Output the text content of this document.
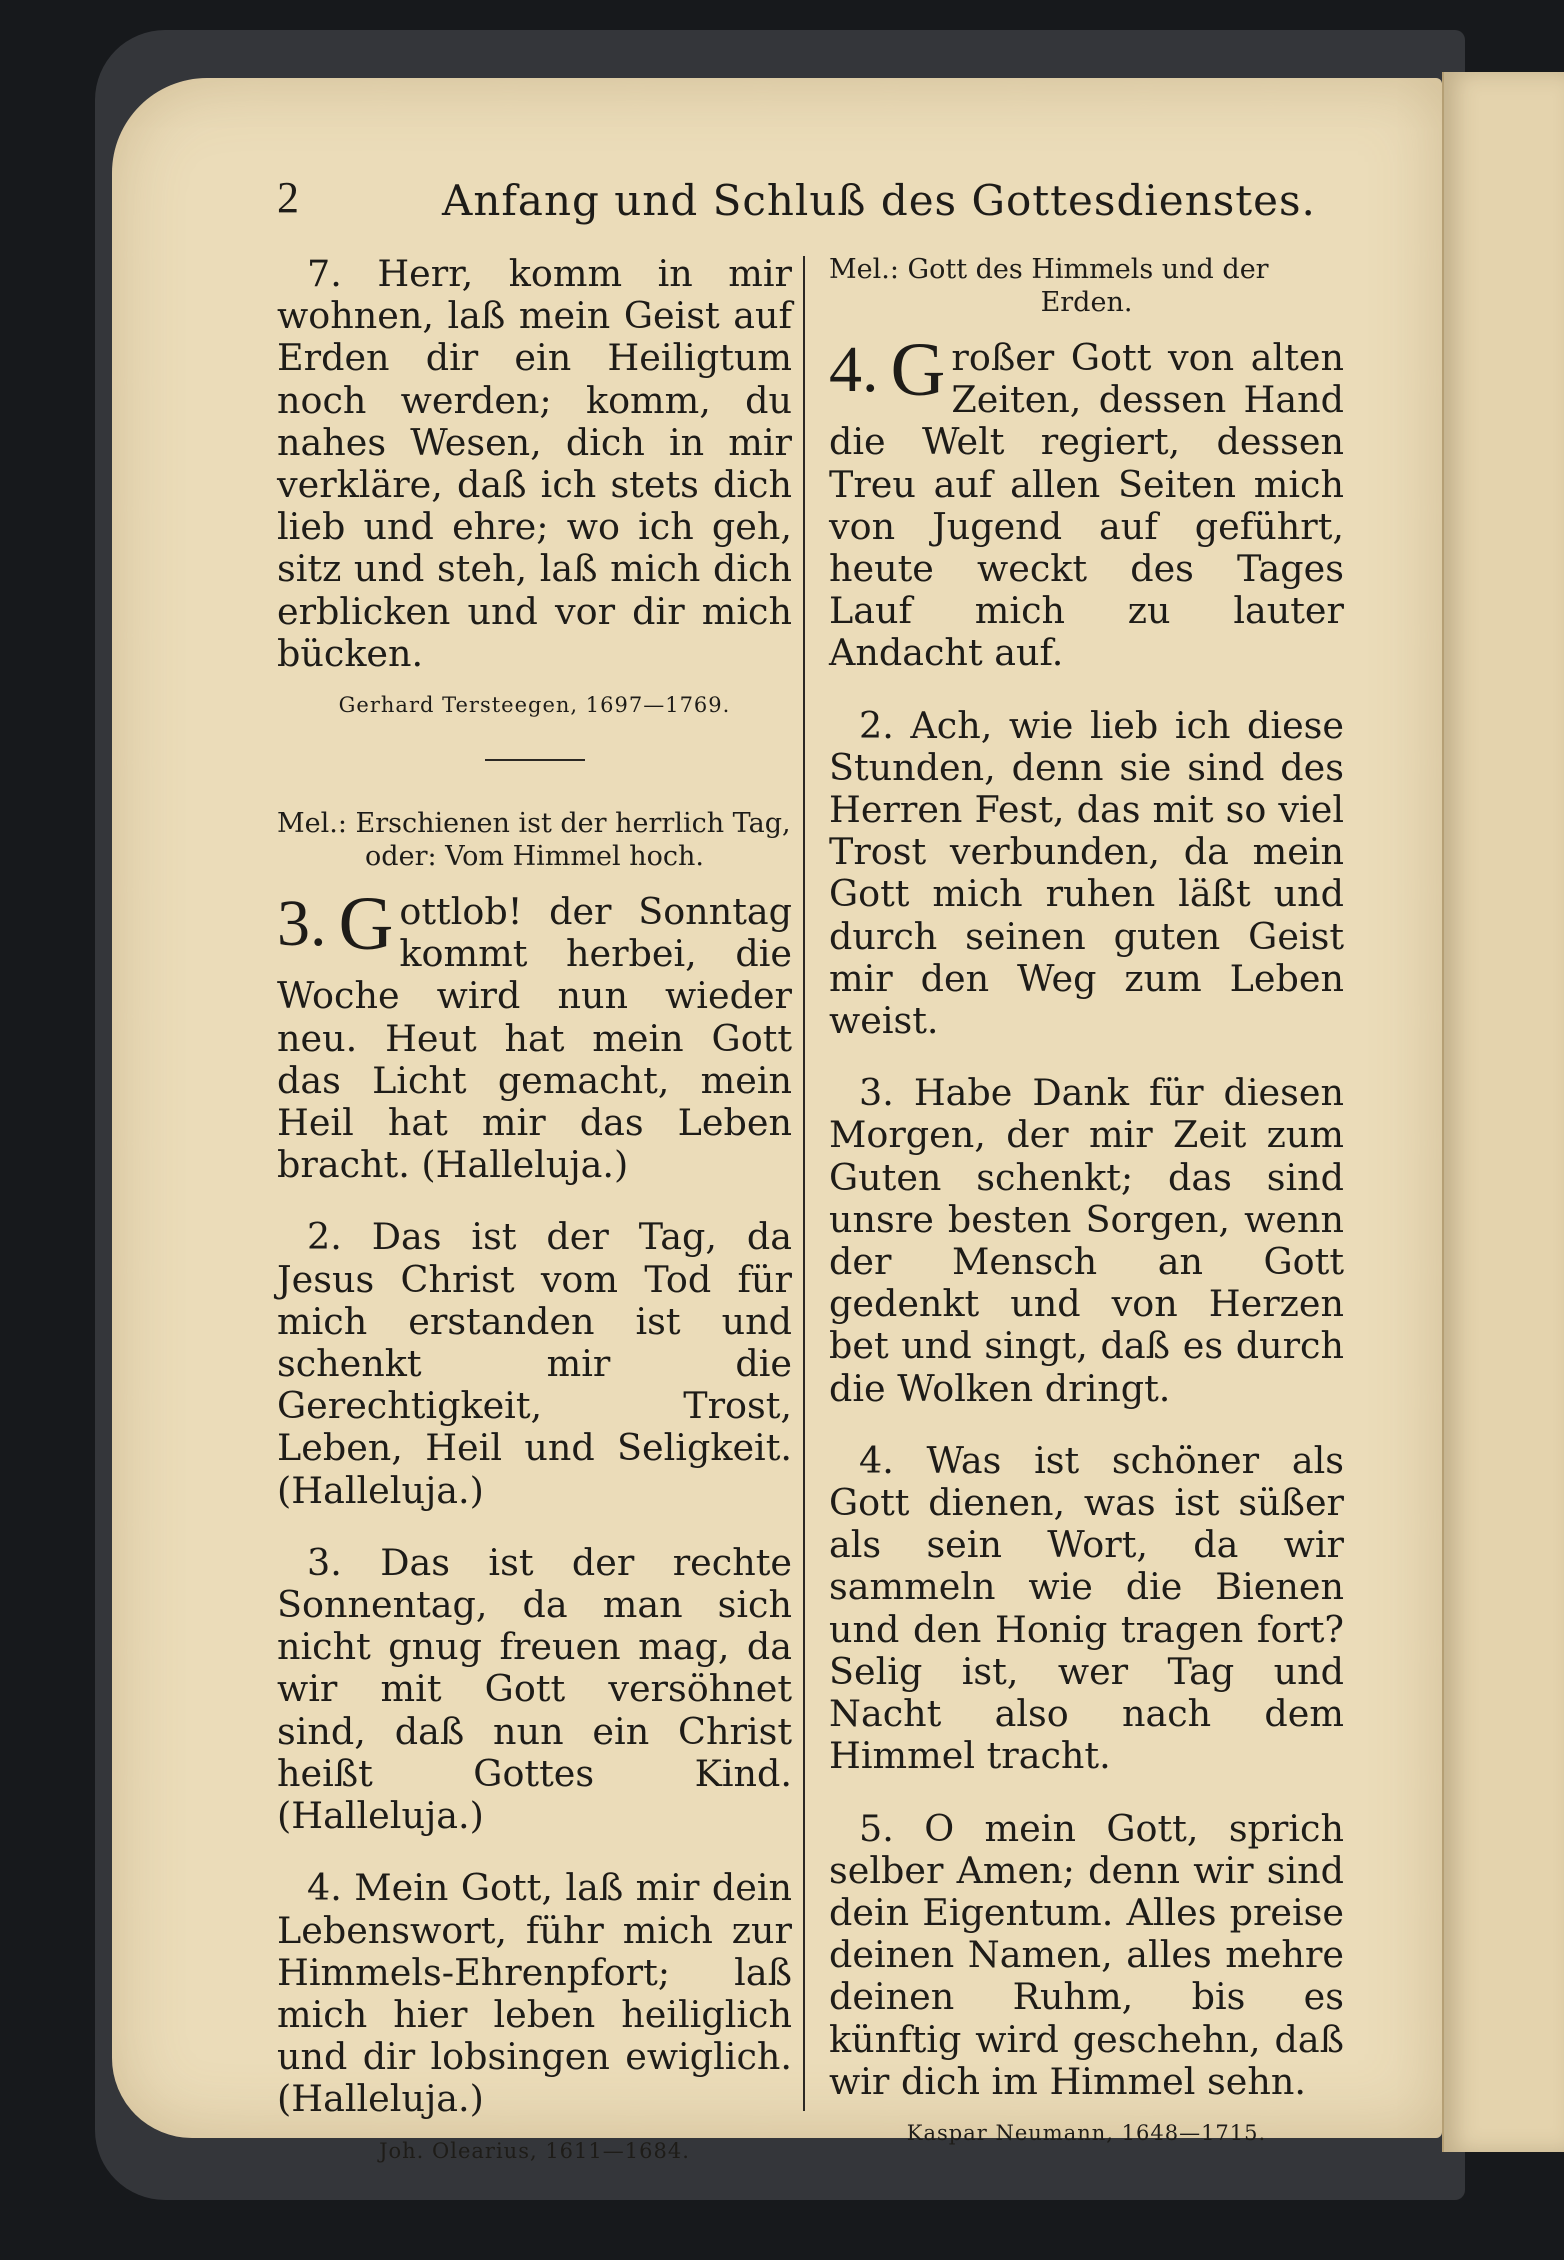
2	Anfang und Schluß des Gottesdienstes.

7. Herr, komm in mir wohnen, laß mein Geist auf Erden dir ein Heiligtum noch werden; komm, du nahes Wesen, dich in mir verkläre, daß ich stets dich lieb und ehre; wo ich geh, sitz und steh, laß mich dich erblicken und vor dir mich bücken.

Gerhard Tersteegen, 1697—1769.

Mel.: Erschienen ist der herrlich Tag,
oder: Vom Himmel hoch.

3. G ottlob! der Sonntag kommt herbei, die Woche wird nun wieder neu. Heut hat mein Gott das Licht gemacht, mein Heil hat mir das Leben bracht. (Halleluja.)

2. Das ist der Tag, da Jesus Christ vom Tod für mich erstanden ist und schenkt mir die Gerechtigkeit, Trost, Leben, Heil und Seligkeit. (Halleluja.)

3. Das ist der rechte Sonnentag, da man sich nicht gnug freuen mag, da wir mit Gott versöhnet sind, daß nun ein Christ heißt Gottes Kind. (Halleluja.)

4. Mein Gott, laß mir dein Lebenswort, führ mich zur Himmels-Ehrenpfort; laß mich hier leben heiliglich und dir lobsingen ewiglich. (Halleluja.)

Joh. Olearius, 1611—1684.

Mel.: Gott des Himmels und der
Erden.

4. G roßer Gott von alten Zeiten, dessen Hand die Welt regiert, dessen Treu auf allen Seiten mich von Jugend auf geführt, heute weckt des Tages Lauf mich zu lauter Andacht auf.

2. Ach, wie lieb ich diese Stunden, denn sie sind des Herren Fest, das mit so viel Trost verbunden, da mein Gott mich ruhen läßt und durch seinen guten Geist mir den Weg zum Leben weist.

3. Habe Dank für diesen Morgen, der mir Zeit zum Guten schenkt; das sind unsre besten Sorgen, wenn der Mensch an Gott gedenkt und von Herzen bet und singt, daß es durch die Wolken dringt.

4. Was ist schöner als Gott dienen, was ist süßer als sein Wort, da wir sammeln wie die Bienen und den Honig tragen fort? Selig ist, wer Tag und Nacht also nach dem Himmel tracht.

5. O mein Gott, sprich selber Amen; denn wir sind dein Eigentum. Alles preise deinen Namen, alles mehre deinen Ruhm, bis es künftig wird geschehn, daß wir dich im Himmel sehn.

Kaspar Neumann, 1648—1715.
